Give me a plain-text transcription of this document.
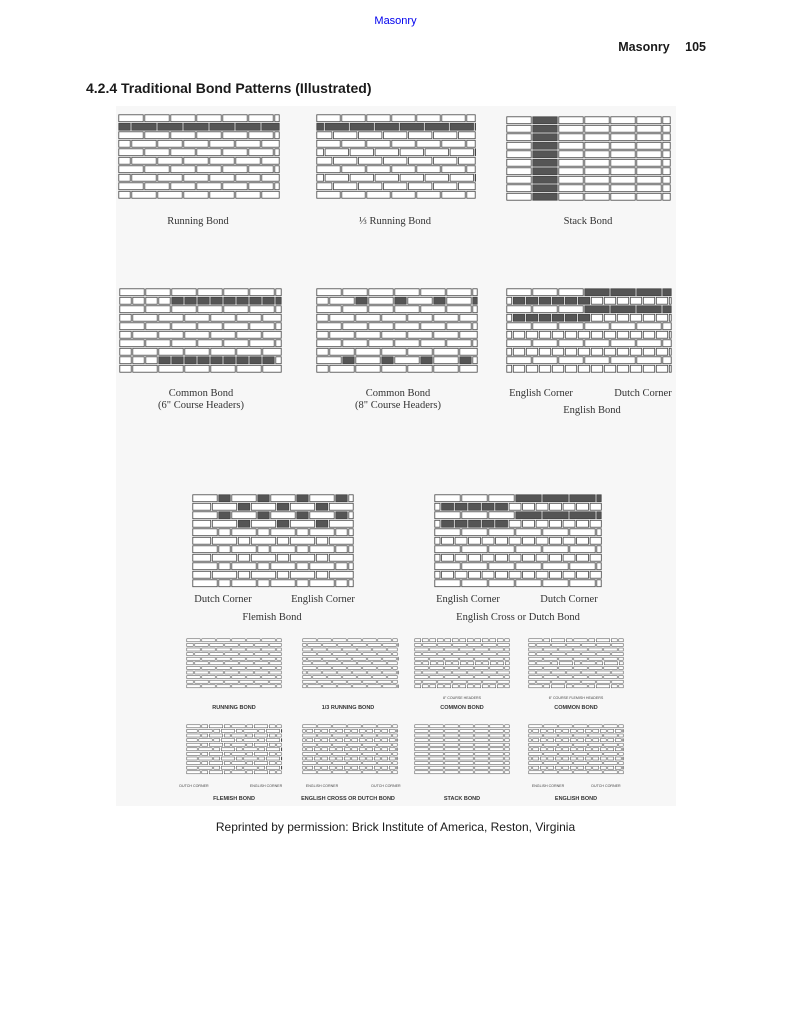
Masonry
Masonry 105
4.2.4 Traditional Bond Patterns (Illustrated)
Running Bond	⅓ Running Bond	Stack Bond
Common Bond
(6" Course Headers)
Common Bond
(8" Course Headers)
English Corner	Dutch Corner
English Bond
Dutch Corner	English Corner
Flemish Bond
English Corner	Dutch Corner
English Cross or Dutch Bond
RUNNING BOND	1/3 RUNNING BOND
8" COURSE HEADERS
COMMON BOND
6" COURSE FLEMISH HEADERS
COMMON BOND
DUTCH CORNER	ENGLISH CORNER
FLEMISH BOND
ENGLISH CORNER	DUTCH CORNER
ENGLISH CROSS OR DUTCH BOND	STACK BOND
ENGLISH CORNER	DUTCH CORNER
ENGLISH BOND
Reprinted by permission: Brick Institute of America, Reston, Virginia
